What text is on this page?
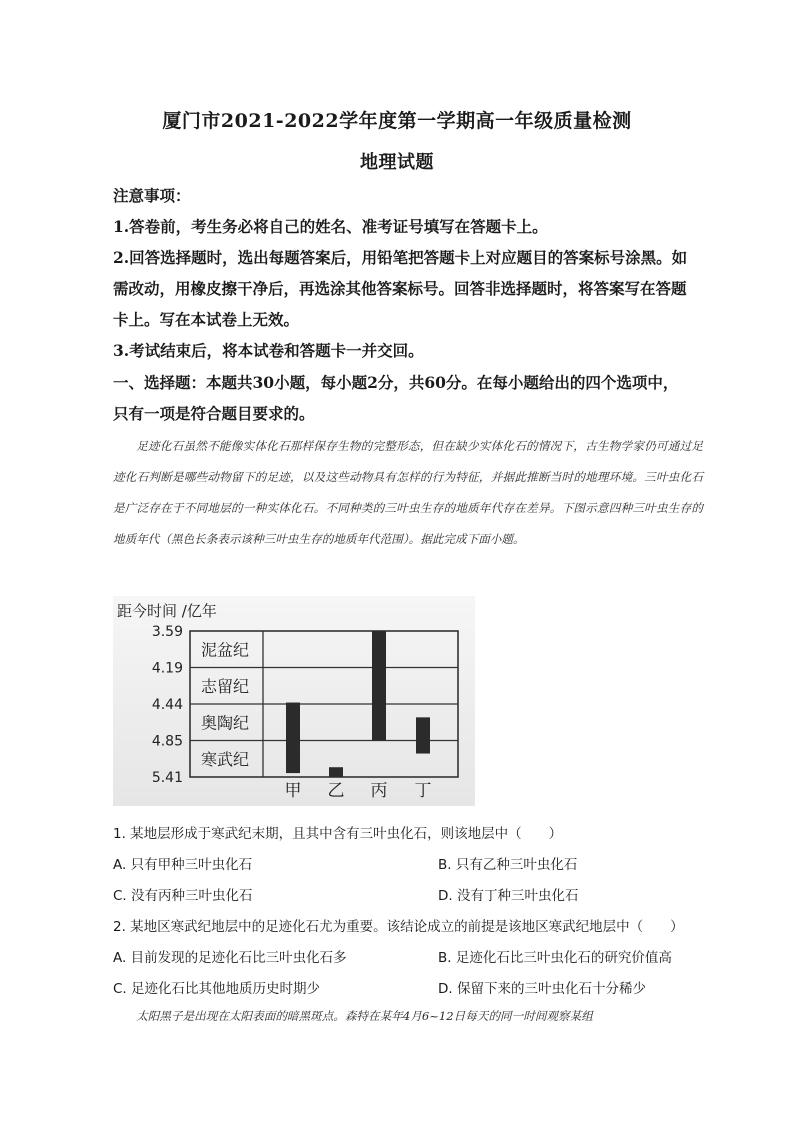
厦门市2021-2022学年度第一学期高一年级质量检测
地理试题
注意事项：
1.答卷前，考生务必将自己的姓名、准考证号填写在答题卡上。
2.回答选择题时，选出每题答案后，用铅笔把答题卡上对应题目的答案标号涂黑。如
需改动，用橡皮擦干净后，再选涂其他答案标号。回答非选择题时，将答案写在答题
卡上。写在本试卷上无效。
3.考试结束后，将本试卷和答题卡一并交回。
一、选择题：本题共30小题，每小题2分，共60分。在每小题给出的四个选项中，
只有一项是符合题目要求的。

足迹化石虽然不能像实体化石那样保存生物的完整形态，但在缺少实体化石的情况下，古生物学家仍可通过足迹化石判断是哪些动物留下的足迹，以及这些动物具有怎样的行为特征，并据此推断当时的地理环境。三叶虫化石是广泛存在于不同地层的一种实体化石。不同种类的三叶虫生存的地质年代存在差异。下图示意四种三叶虫生存的地质年代（黑色长条表示该种三叶虫生存的地质年代范围）。据此完成下面小题。

距今时间 /亿年
3.59
4.19
4.44
4.85
5.41
泥盆纪
志留纪
奥陶纪
寒武纪
甲 乙 丙 丁
1. 某地层形成于寒武纪末期，且其中含有三叶虫化石，则该地层中（　　）
A. 只有甲种三叶虫化石	B. 只有乙种三叶虫化石
C. 没有丙种三叶虫化石	D. 没有丁种三叶虫化石
2. 某地区寒武纪地层中的足迹化石尤为重要。该结论成立的前提是该地区寒武纪地层中（　　）
A. 目前发现的足迹化石比三叶虫化石多	B. 足迹化石比三叶虫化石的研究价值高
C. 足迹化石比其他地质历史时期少	D. 保留下来的三叶虫化石十分稀少
太阳黑子是出现在太阳表面的暗黑斑点。森特在某年4月6~12日每天的同一时间观察某组
